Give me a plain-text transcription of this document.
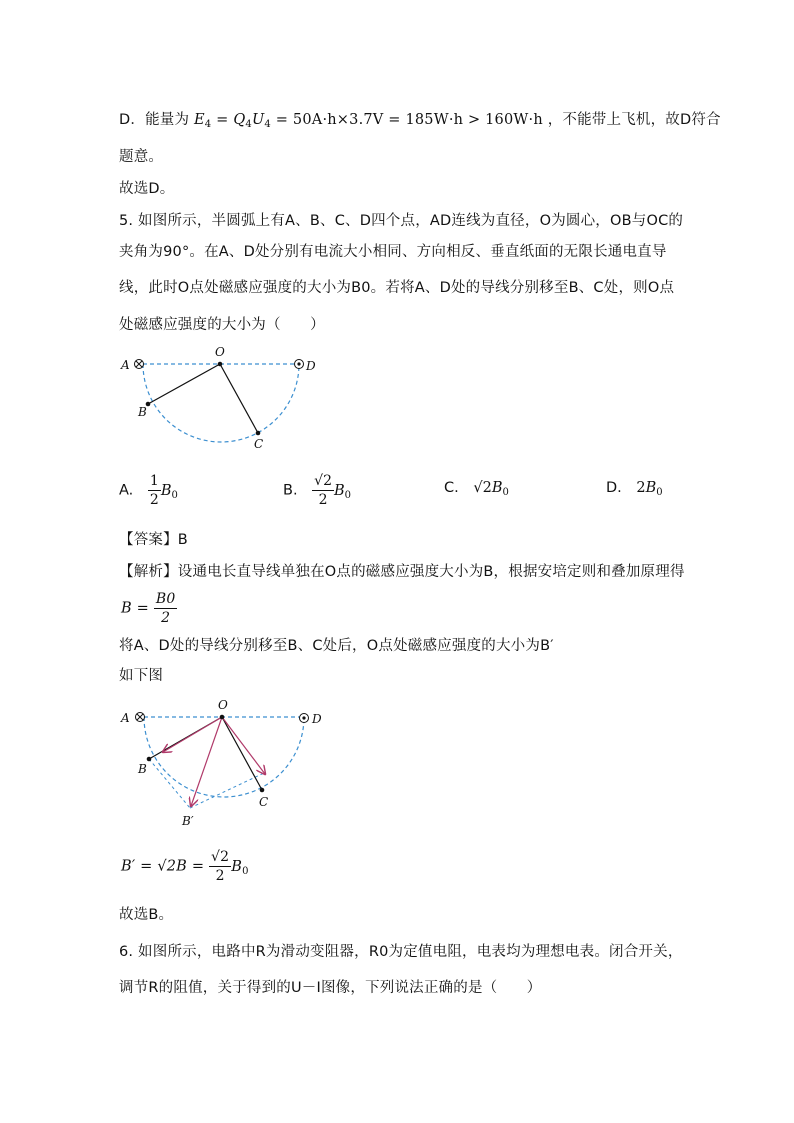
D．能量为 $E_4 = Q_4U_4 = 50A\cdot h\times 3.7V = 185W\cdot h > 160W\cdot h$ ，不能带上飞机，故D符合
题意。
故选D。
5. 如图所示，半圆弧上有A、B、C、D四个点，AD连线为直径，O为圆心，OB与OC的
夹角为90°。在A、D处分别有电流大小相同、方向相反、垂直纸面的无限长通电直导
线，此时O点处磁感应强度的大小为B0。若将A、D处的导线分别移至B、C处，则O点
处磁感应强度的大小为（　　）
A
O
D
B
C
A. $\frac{1}{2} B_0$	B. $\frac{√2}{2} B_0$	C. $√2B_0$	D. $2B_0$
【答案】B
【解析】设通电长直导线单独在O点的磁感应强度大小为B，根据安培定则和叠加原理得
$B = \frac{B0}{2}$
将A、D处的导线分别移至B、C处后，O点处磁感应强度的大小为B′
如下图
A
O
D
B
C
B′
$B' = √2B = \frac{√2}{2} B_0$
故选B。
6. 如图所示，电路中R为滑动变阻器，R0为定值电阻，电表均为理想电表。闭合开关，
调节R的阻值，关于得到的U－I图像，下列说法正确的是（　　）
